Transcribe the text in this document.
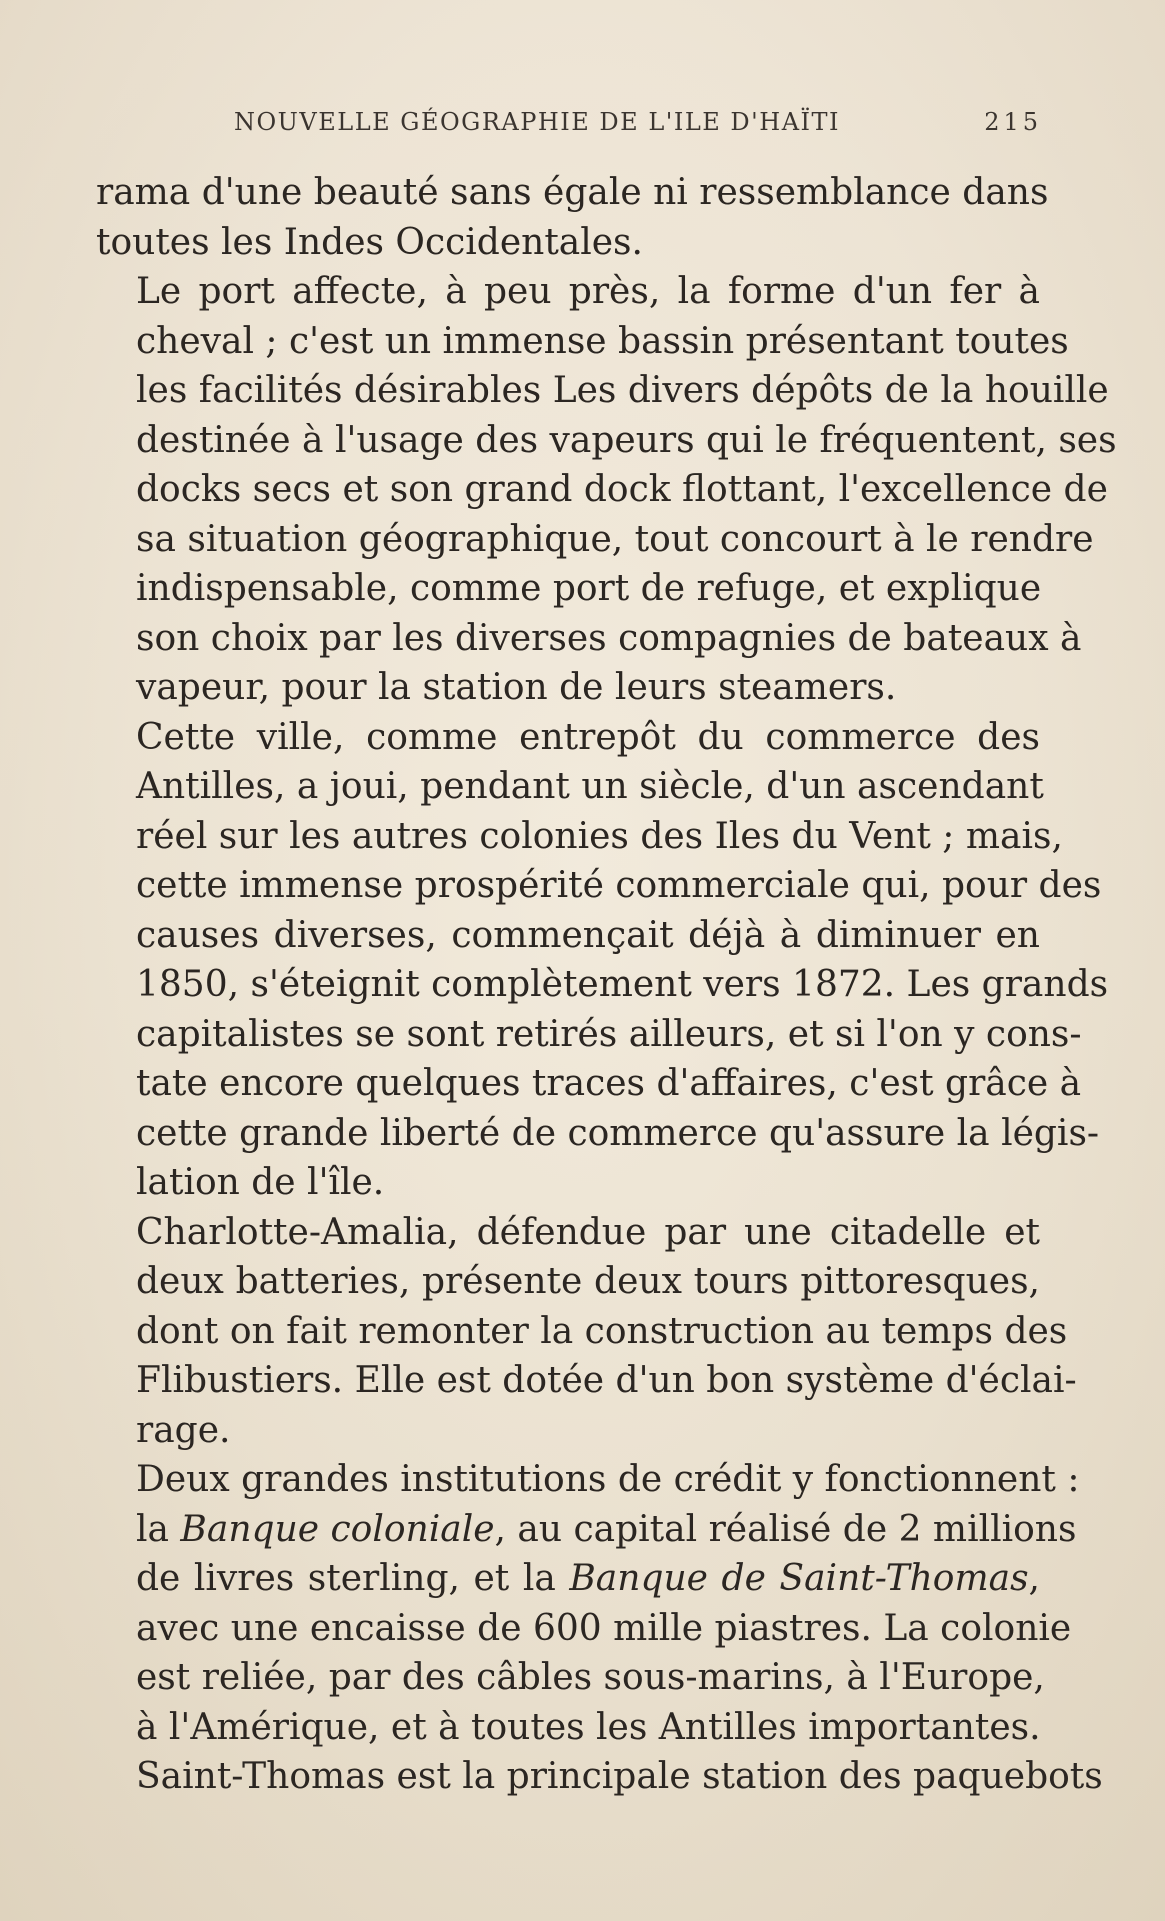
NOUVELLE GÉOGRAPHIE DE L'ILE D'HAÏTI	215

rama d'une beauté sans égale ni ressemblance dans
toutes les Indes Occidentales.

Le port affecte, à peu près, la forme d'un fer à
cheval ; c'est un immense bassin présentant toutes
les facilités désirables Les divers dépôts de la houille
destinée à l'usage des vapeurs qui le fréquentent, ses
docks secs et son grand dock flottant, l'excellence de
sa situation géographique, tout concourt à le rendre
indispensable, comme port de refuge, et explique
son choix par les diverses compagnies de bateaux à
vapeur, pour la station de leurs steamers.

Cette ville, comme entrepôt du commerce des
Antilles, a joui, pendant un siècle, d'un ascendant
réel sur les autres colonies des Iles du Vent ; mais,
cette immense prospérité commerciale qui, pour des
causes diverses, commençait déjà à diminuer en
1850, s'éteignit complètement vers 1872. Les grands
capitalistes se sont retirés ailleurs, et si l'on y cons-
tate encore quelques traces d'affaires, c'est grâce à
cette grande liberté de commerce qu'assure la légis-
lation de l'île.

Charlotte-Amalia, défendue par une citadelle et
deux batteries, présente deux tours pittoresques,
dont on fait remonter la construction au temps des
Flibustiers. Elle est dotée d'un bon système d'éclai-
rage.

Deux grandes institutions de crédit y fonctionnent :
la Banque coloniale, au capital réalisé de 2 millions
de livres sterling, et la Banque de Saint-Thomas,
avec une encaisse de 600 mille piastres. La colonie
est reliée, par des câbles sous-marins, à l'Europe,
à l'Amérique, et à toutes les Antilles importantes.
Saint-Thomas est la principale station des paquebots
